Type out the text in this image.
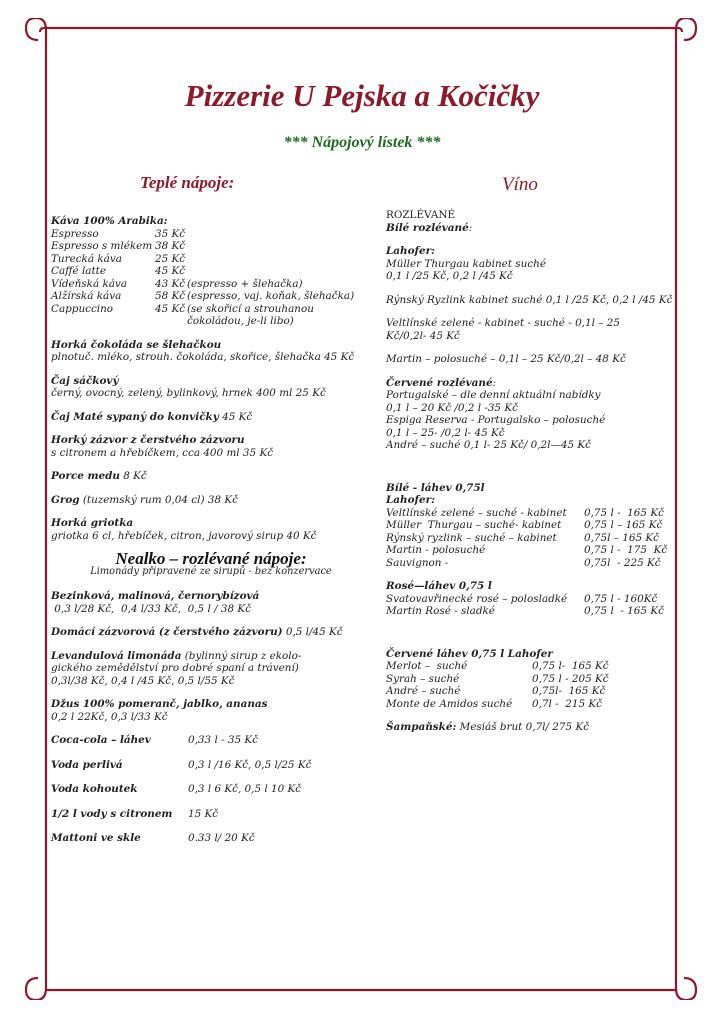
Pizzerie U Pejska a Kočičky
*** Nápojový lístek ***
Teplé nápoje:	Víno
Káva 100% Arabika:
Espresso	35 Kč
Espresso s mlékem 38 Kč
Turecká káva	25 Kč
Caffé latte	45 Kč
Vídeňská káva	43 Kč (espresso + šlehačka)
Alžírská káva	58 Kč (espresso, vaj. koňak, šlehačka)
Cappuccino	45 Kč (se skořicí a strouhanou
čokoládou, je-li libo)
Horká čokoláda se šlehačkou
plnotuč. mléko, strouh. čokoláda, skořice, šlehačka 45 Kč
Čaj sáčkový
černý, ovocný, zelený, bylinkový, hrnek 400 ml 25 Kč
Čaj Maté sypaný do konvičky 45 Kč
Horký zázvor z čerstvého zázvoru
s citronem a hřebíčkem, cca 400 ml 35 Kč
Porce medu 8 Kč
Grog (tuzemský rum 0,04 cl) 38 Kč
Horká griotka
griotka 6 cl, hřebíček, citron, javorový sirup 40 Kč
Nealko – rozlévané nápoje:
Limonády připravené ze sirupů - bez konzervace
Bezinková, malinová, černorybízová
0,3 l/28 Kč,  0,4 l/33 Kč,  0,5 l / 38 Kč
Domácí zázvorová (z čerstvého zázvoru) 0,5 l/45 Kč
Levandulová limonáda (bylinný sirup z ekolo-
gického zemědělství pro dobré spaní a trávení)
0,3l/38 Kč, 0,4 l /45 Kč, 0,5 l/55 Kč
Džus 100% pomeranč, jablko, ananas
0,2 l 22Kč, 0,3 l/33 Kč
Coca-cola – láhev	0,33 l - 35 Kč
Voda perlivá	0,3 l /16 Kč, 0,5 l/25 Kč
Voda kohoutek	0,3 l 6 Kč, 0,5 l 10 Kč
1/2 l vody s citronem	15 Kč
Mattoni ve skle	0.33 l/ 20 Kč
ROZLÉVANÉ
Bílé rozlévané:
Lahofer:
Müller Thurgau kabinet suché
0,1 l /25 Kč, 0,2 l /45 Kč
Rýnský Ryzlink kabinet suché 0,1 l /25 Kč, 0,2 l /45 Kč
Veltlínské zelené - kabinet - suché - 0,1l – 25
Kč/0,2l- 45 Kč
Martin – polosuché – 0,1l – 25 Kč/0,2l – 48 Kč
Červené rozlévané:
Portugalské – dle denní aktuální nabídky
0,1 l – 20 Kč /0,2 l -35 Kč
Espiga Reserva - Portugalsko – polosuché
0,1 l – 25- /0,2 l- 45 Kč
André – suché 0,1 l- 25 Kč/ 0,2l—45 Kč
Bílé - láhev 0,75l
Lahofer:
Veltlínské zelené – suché - kabinet	0,75 l -  165 Kč
Müller  Thurgau – suché- kabinet	0,75 l – 165 Kč
Rýnský ryzlink – suché – kabinet	0,75l – 165 Kč
Martin - polosuché	0,75 l -  175  Kč
Sauvignon -	0,75l  - 225 Kč
Rosé—láhev 0,75 l
Svatovavřinecké rosé – polosladké	0,75 l - 160Kč
Martin Rosé - sladké	0,75 l  - 165 Kč
Červené láhev 0,75 l Lahofer
Merlot –  suché	0,75 l-  165 Kč
Syrah – suché	0,75 l - 205 Kč
André – suché	0,75l-  165 Kč
Monte de Amidos suché	0,7l -  215 Kč
Šampaňské: Mesiáš brut 0,7l/ 275 Kč
